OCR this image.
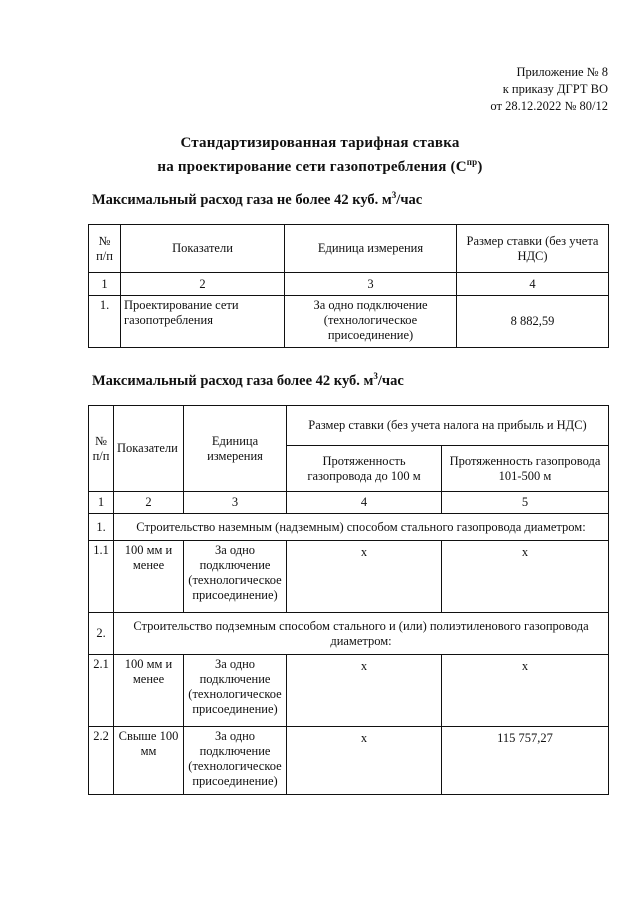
Приложение № 8
к приказу ДГРТ ВО
от 28.12.2022 № 80/12
Стандартизированная тарифная ставка
на проектирование сети газопотребления $(С^{пр})$
Максимальный расход газа не более 42 куб. $м^3$/час
№ п/п	Показатели	Единица измерения	Размер ставки (без учета НДС)
1	2	3	4
1.	Проектирование сети газопотребления	За одно подключение (технологическое присоединение)	8 882,59
Максимальный расход газа более 42 куб. $м^3$/час
№ п/п	Показатели	Единица измерения	Размер ставки (без учета налога на прибыль и НДС)	
			Протяженность газопровода до 100 м	Протяженность газопровода 101-500 м
1	2	3	4	5
1.	Строительство наземным (надземным) способом стального газопровода диаметром:			
1.1	100 мм и менее	За одно подключение (технологическое присоединение)	х	х

2.	Строительство подземным способом стального и (или) полиэтиленового газопровода диаметром:			
2.1	100 мм и менее	За одно подключение (технологическое присоединение)	х	х

2.2	Свыше 100 мм	За одно подключение (технологическое присоединение)	х	115 757,27
